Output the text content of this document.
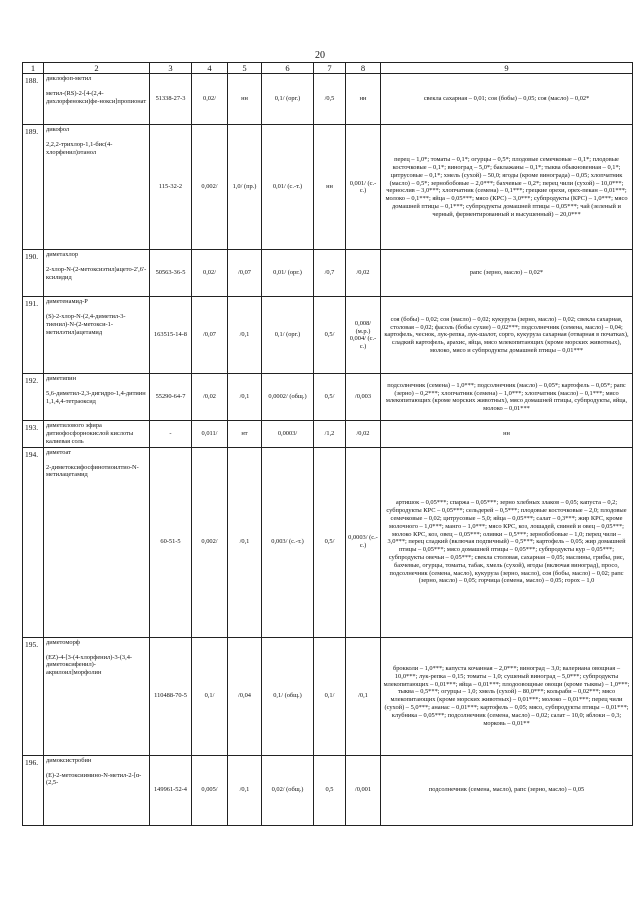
20
1	2	3	4	5	6	7	8	9

188.	диклофоп-метил
метил-(RS)-2-[4-(2,4-дихлорфенокси)фе-нокси]пропионат	51338-27-3	0,02/	нн	0,1/ (орг.)	/0,5	нн	свекла сахарная – 0,01; соя (бобы) – 0,05; соя (масло) – 0,02*

189.	дикофол
2,2,2-трихлор-1,1-бис(4-хлорфенил)этанол	115-32-2	0,002/	1,0/ (пр.)	0,01/ (с.-т.)	нн	0,001/ (с.-с.)	перец – 1,0*; томаты – 0,1*; огурцы – 0,5*; плодовые семечковые – 0,1*; плодовые косточковые – 0,1*; виноград – 5,0*; баклажаны – 0,1*; тыква обыкновенная – 0,1*; цитрусовые – 0,1*; хмель (сухой) – 50,0; ягоды (кроме винограда) – 0,05; хлопчатник (масло) – 0,5*; зернобобовые – 2,0***; бахчевые – 0,2*; перец чили (сухой) – 10,0***; чернослив – 3,0***; хлопчатник (семена) – 0,1***; грецкие орехи, орех-пекан – 0,01***; молоко – 0,1***; яйца – 0,05***; мясо (КРС) – 3,0***; субпродукты (КРС) – 1,0***; мясо домашней птицы – 0,1***; субпродукты домашней птицы – 0,05***; чай (зеленый и черный, ферментированный и высушенный) – 20,0***

190.	диметахлор
2-хлор-N-(2-метоксиэтил)ацето-2',6'-ксилидид	50563-36-5	0,02/	/0,07	0,01/ (орг.)	/0,7	/0,02	рапс (зерно, масло) – 0,02*

191.	диметенамид-Р
(S)-2-хлор-N-(2,4-диметил-3-тиенил)-N-(2-метокси-1-метилэтил)ацетамид	163515-14-8	/0,07	/0,1	0,1/ (орг.)	0,5/	0,008/ (м.р.) 0,004/ (с.-с.)	соя (бобы) – 0,02; соя (масло) – 0,02; кукуруза (зерно, масло) – 0,02; свекла сахарная, столовая – 0,02; фасоль (бобы сухие) – 0,02***; подсолнечник (семена, масло) – 0,04; картофель, чеснок, лук-репка, лук-шалот, сорго, кукуруза сахарная (отварная в початках), сладкий картофель, арахис, яйца, мясо млекопитающих (кроме морских животных), молоко, мясо и субпродукты домашней птицы – 0,01***

192.	диметипин
5,6-диметил-2,3-дигидро-1,4-дитиин 1,1,4,4-тетраоксид	55290-64-7	/0,02	/0,1	0,0002/ (общ.)	0,5/	/0,003	подсолнечник (семена) – 1,0***; подсолнечник (масло) – 0,05*; картофель – 0,05*; рапс (зерно) – 0,2***; хлопчатник (семена) – 1,0***; хлопчатник (масло) – 0,1***; мясо млекопитающих (кроме морских животных), мясо домашней птицы, субпродукты, яйца, молоко – 0,01***

193.	диметилового эфира дитиофосфорнокислой кислоты калиевая соль	-	0,011/	нт	0,0003/	/1,2	/0,02	нн

194.	диметоат
2-диметоксифосфинотиоилтио-N-метилацетамид	60-51-5	0,002/	/0,1	0,003/ (с.-т.)	0,5/	0,0003/ (с.-с.)	артишок – 0,05***; спаржа – 0,05***; зерно хлебных злаков – 0,05; капуста – 0,2; субпродукты КРС – 0,05***; сельдерей – 0,5***; плодовые косточковые – 2,0; плодовые семечковые – 0,02; цитрусовые – 5,0; яйца – 0,05***; салат – 0,3***; жир КРС, кроме молочного – 1,0***; манго – 1,0***; мясо КРС, коз, лошадей, свиней и овец – 0,05***; молоко КРС, коз, овец – 0,05***; оливки – 0,5***; зернобобовые – 1,0; перец чили – 3,0***; перец сладкий (включая подпичный) – 0,5***; картофель – 0,05; жир домашней птицы – 0,05***; мясо домашней птицы – 0,05***; субпродукты кур – 0,05***; субпродукты овечьи – 0,05***; свекла столовая, сахарная – 0,05; маслины, грибы, рис, бахчевые, огурцы, томаты, табак, хмель (сухой), ягоды (включая виноград), просо, подсолнечник (семена, масло), кукуруза (зерно, масло), соя (бобы, масло) – 0,02; рапс (зерно, масло) – 0,05; горчица (семена, масло) – 0,05; горох – 1,0

195.	диметоморф
(EZ)-4-[3-(4-хлорфенил)-3-(3,4-диметоксифенил)-акрилоил]морфолин	110488-70-5	0,1/	/0,04	0,1/ (общ.)	0,1/	/0,1	брокколи – 1,0***; капуста кочанная – 2,0***; виноград – 3,0; валериана овощная – 10,0***; лук-репка – 0,15; томаты – 1,0; сушеный виноград – 5,0***; субпродукты млекопитающих – 0,01***; яйца – 0,01***; плодоовощные овощи (кроме тыквы) – 1,0***; тыква – 0,5***; огурцы – 1,0; хмель (сухой) – 80,0***; кольраби – 0,02***; мясо млекопитающих (кроме морских животных) – 0,01***; молоко – 0,01***; перец чили (сухой) – 5,0***; ананас – 0,01***; картофель – 0,05; мясо, субпродукты птицы – 0,01***; клубника – 0,05***; подсолнечник (семена, масло) – 0,02; салат – 10,0; яблоки – 0,3; морковь – 0,01**

196.	димоксистробин
(E)-2-метоксиимино-N-метил-2-[α-(2,5-	149961-52-4	0,005/	/0,1	0,02/ (общ.)	0,5	/0,001	подсолнечник (семена, масло), рапс (зерно, масло) – 0,05
